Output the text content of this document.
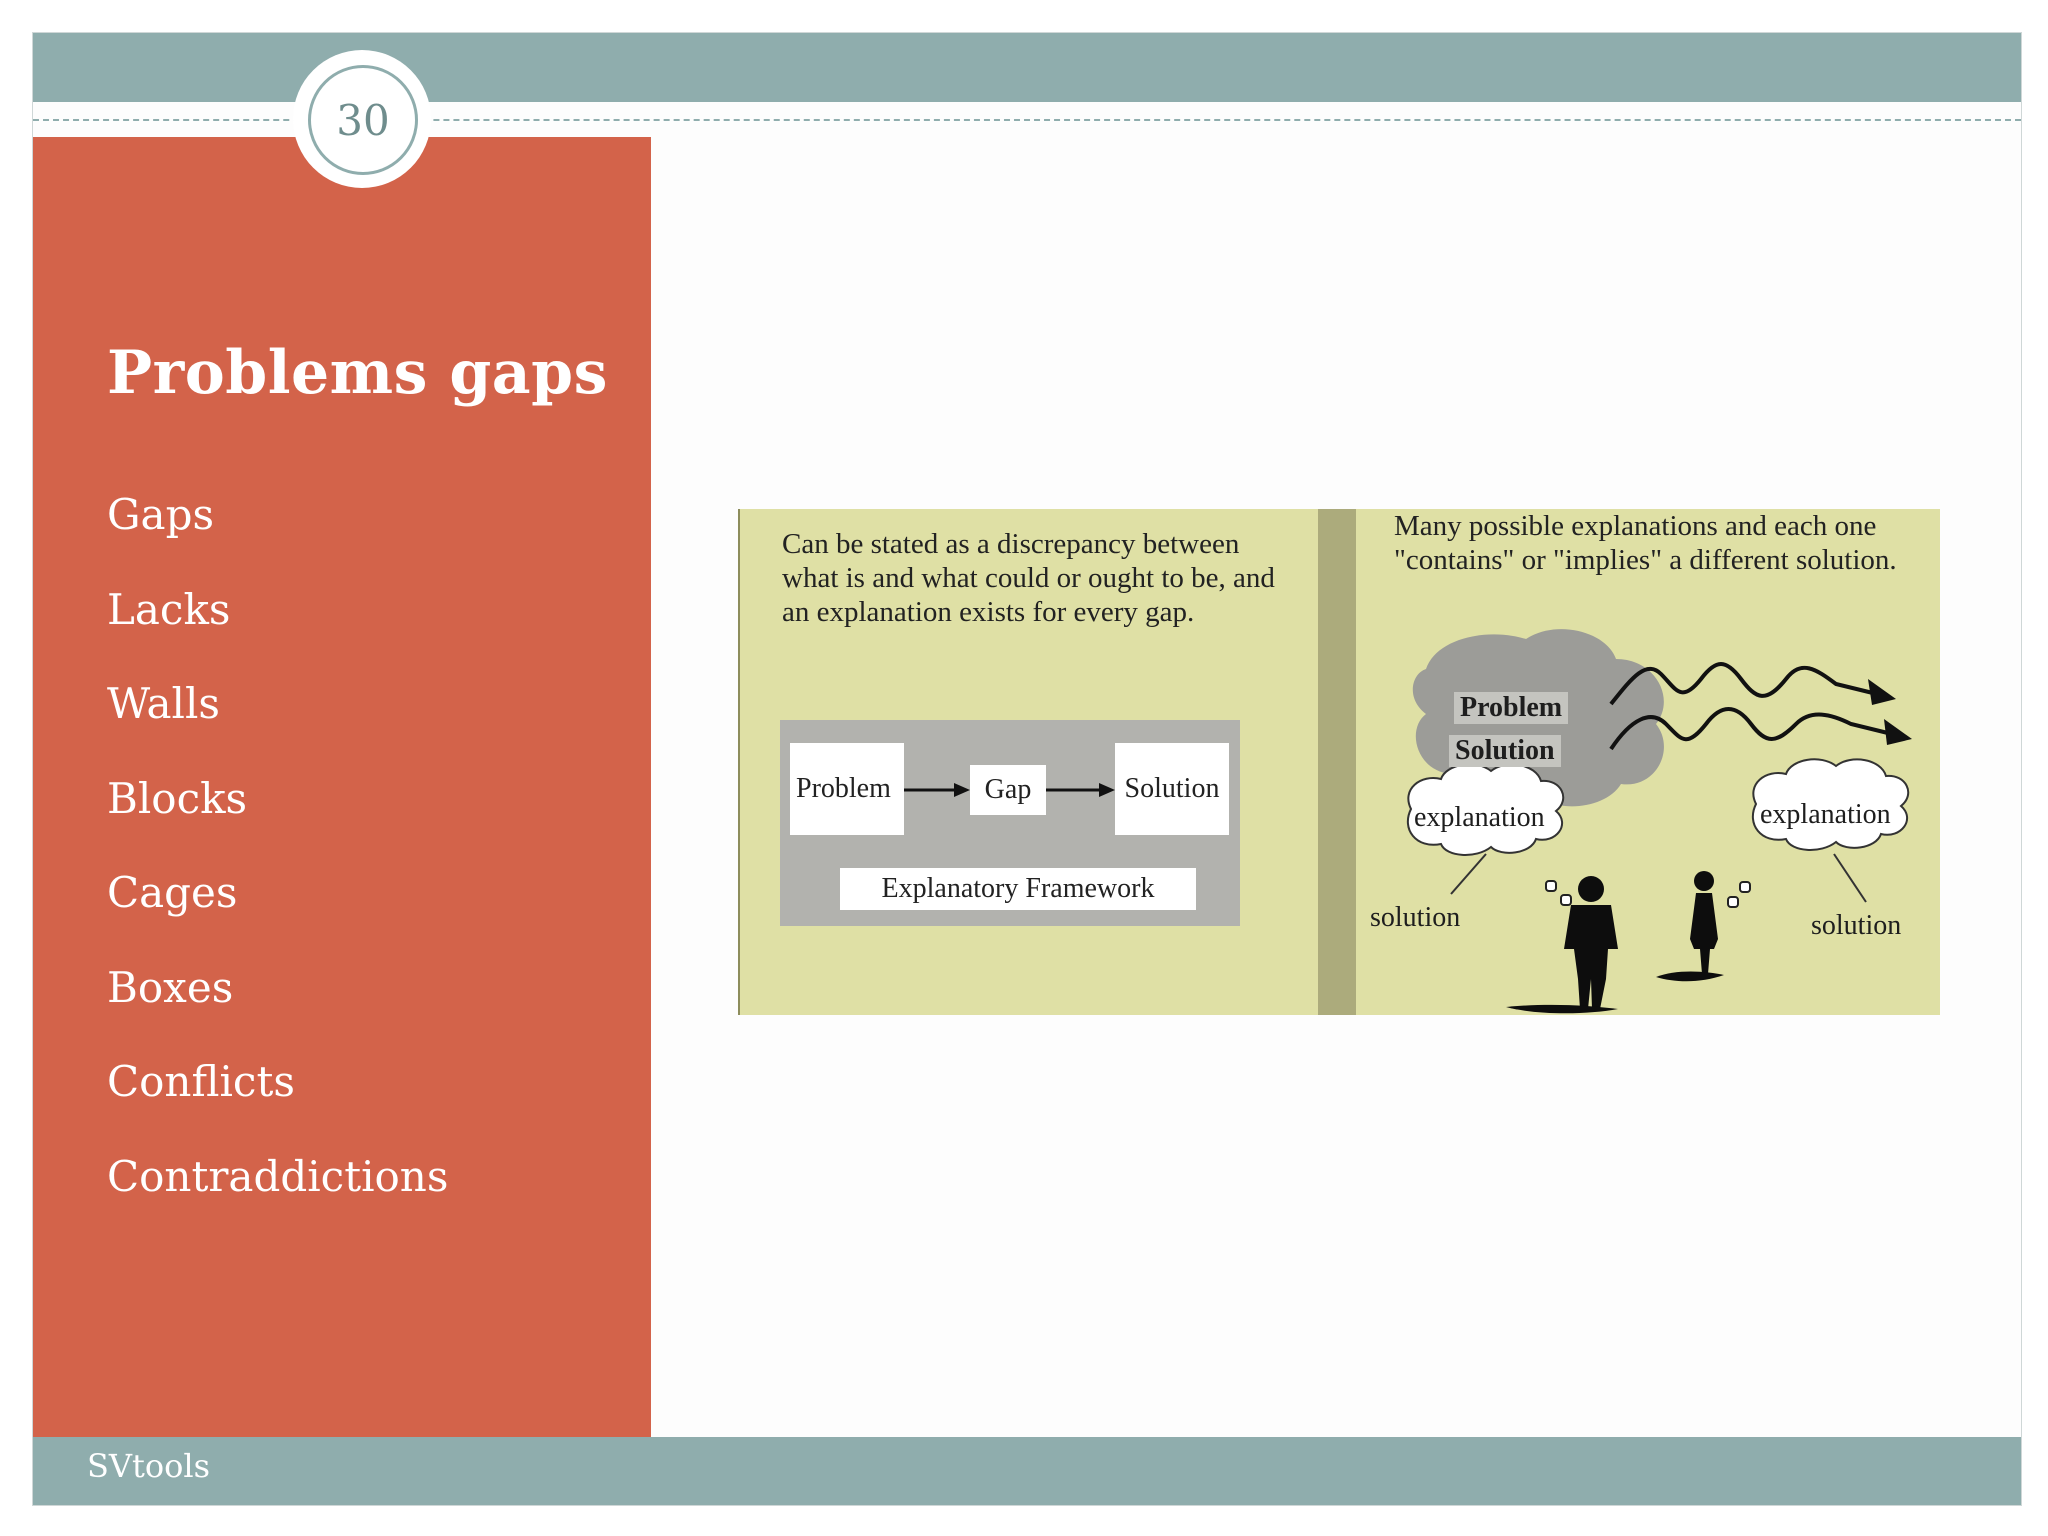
30
Problems gaps
Gaps
Lacks
Walls
Blocks
Cages
Boxes
Conflicts
Contraddictions

Can be stated as a discrepancy between what is and what could or ought to be, and an explanation exists for every gap.

Problem	Gap	Solution
Explanatory Framework

Many possible explanations and each one "contains" or "implies" a different solution.

Problem
Solution
explanation	explanation
solution	solution
SVtools
